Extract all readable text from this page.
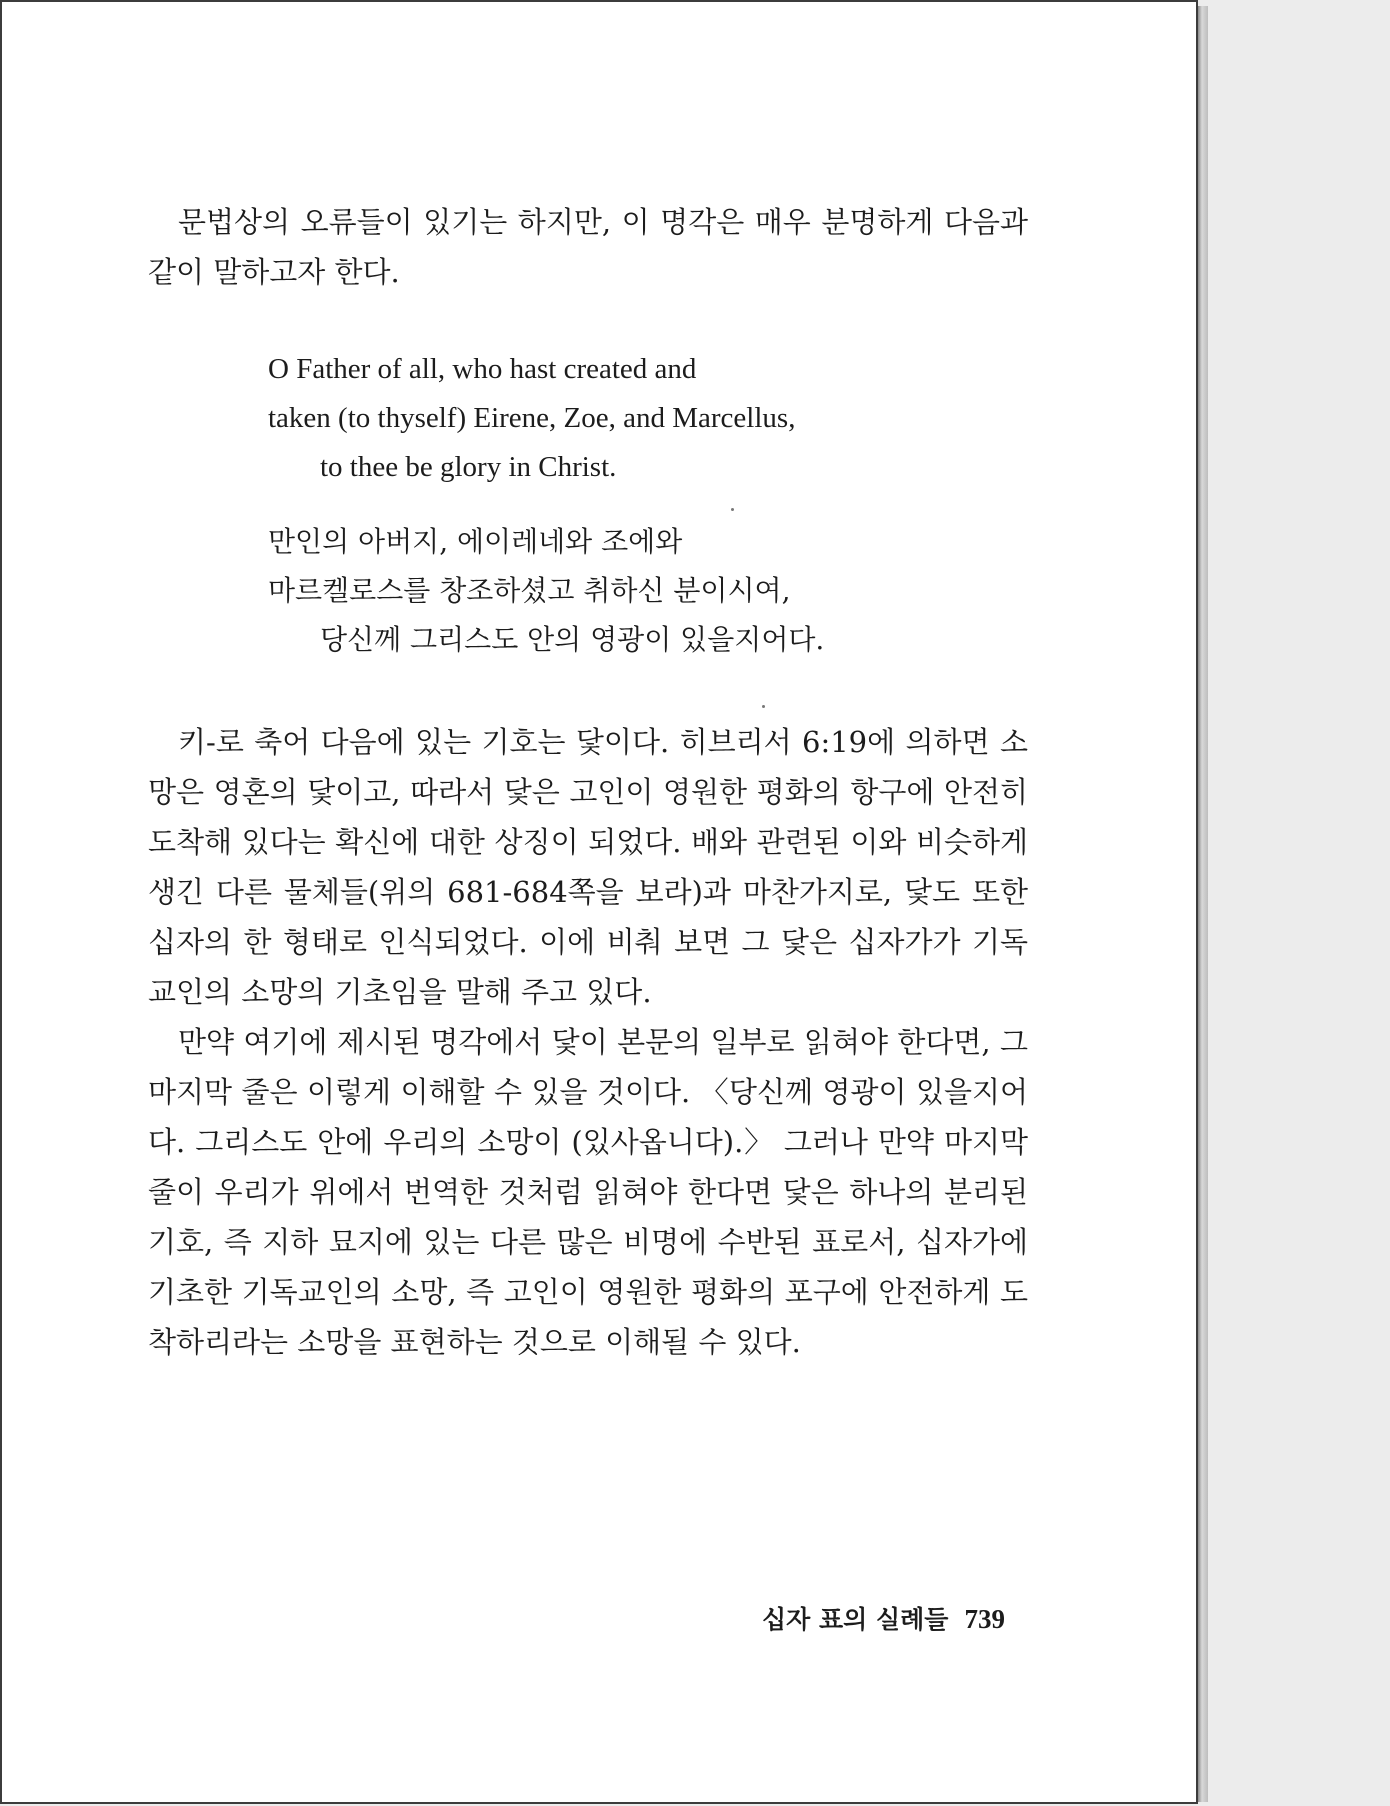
문법상의 오류들이 있기는 하지만, 이 명각은 매우 분명하게 다음과 같이 말하고자 한다.

O Father of all, who hast created and
taken (to thyself) Eirene, Zoe, and Marcellus,
to thee be glory in Christ.
만인의 아버지, 에이레네와 조에와
마르켈로스를 창조하셨고 취하신 분이시여,
당신께 그리스도 안의 영광이 있을지어다.

키-로 축어 다음에 있는 기호는 닻이다. 히브리서 6:19에 의하면 소망은 영혼의 닻이고, 따라서 닻은 고인이 영원한 평화의 항구에 안전히 도착해 있다는 확신에 대한 상징이 되었다. 배와 관련된 이와 비슷하게 생긴 다른 물체들(위의 681-684쪽을 보라)과 마찬가지로, 닻도 또한 십자의 한 형태로 인식되었다. 이에 비춰 보면 그 닻은 십자가가 기독교인의 소망의 기초임을 말해 주고 있다.

만약 여기에 제시된 명각에서 닻이 본문의 일부로 읽혀야 한다면, 그 마지막 줄은 이렇게 이해할 수 있을 것이다. 〈당신께 영광이 있을지어다. 그리스도 안에 우리의 소망이 (있사옵니다).〉 그러나 만약 마지막 줄이 우리가 위에서 번역한 것처럼 읽혀야 한다면 닻은 하나의 분리된 기호, 즉 지하 묘지에 있는 다른 많은 비명에 수반된 표로서, 십자가에 기초한 기독교인의 소망, 즉 고인이 영원한 평화의 포구에 안전하게 도착하리라는 소망을 표현하는 것으로 이해될 수 있다.

십자 표의 실례들 739
